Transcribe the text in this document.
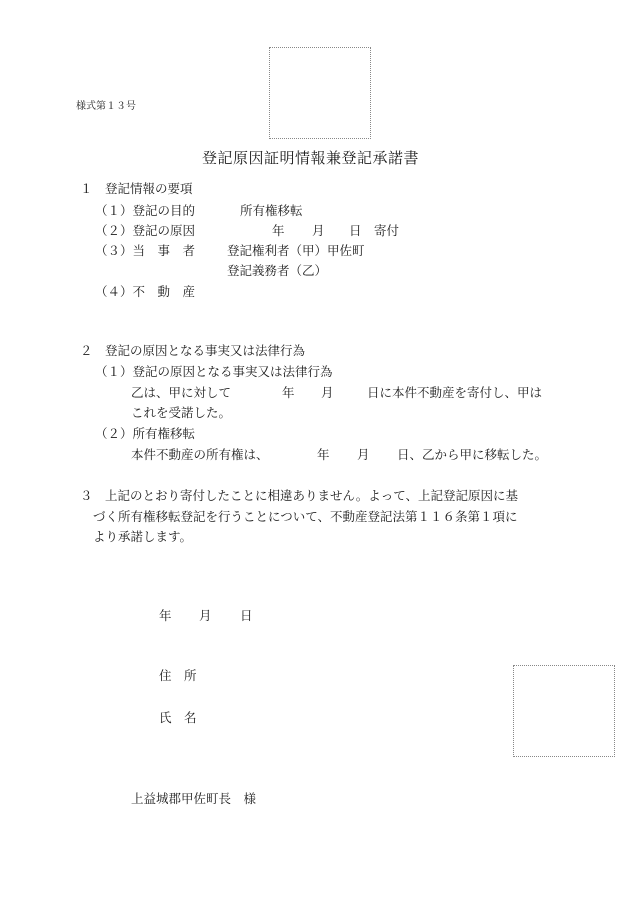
様式第１３号
登記原因証明情報兼登記承諾書
１　登記情報の要項
（１）登記の目的	所有権移転
（２）登記の原因	年 月 日 寄付
（３）当　事　者	登記権利者（甲）甲佐町
登記義務者（乙）
（４）不　動　産
２　登記の原因となる事実又は法律行為
（１）登記の原因となる事実又は法律行為
乙は、甲に対して	年 月	日に本件不動産を寄付し、甲は
これを受諾した。
（２）所有権移転
本件不動産の所有権は、	年 月 日、乙から甲に移転した。
３　上記のとおり寄付したことに相違ありません。よって、上記登記原因に基
づく所有権移転登記を行うことについて、不動産登記法第１１６条第１項に
より承諾します。
年 月 日
住　所
氏　名
上益城郡甲佐町長　様
